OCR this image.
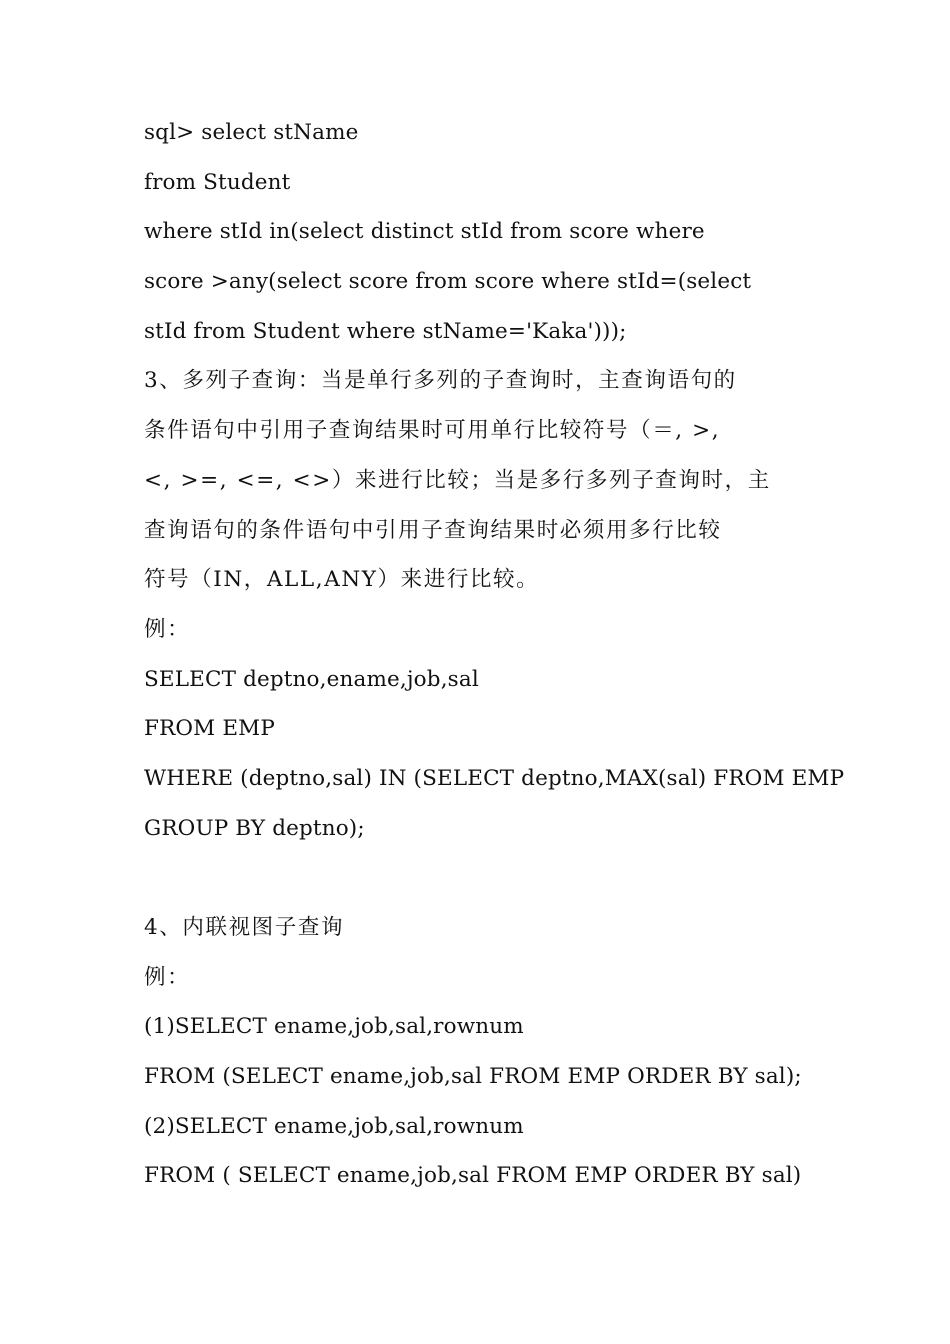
sql> select stName
from Student
where stId in(select distinct stId from score where
score >any(select score from score where stId=(select
stId from Student where stName='Kaka')));
3、多列子查询：当是单行多列的子查询时，主查询语句的
条件语句中引用子查询结果时可用单行比较符号（＝, >,
<, >=, <=, <>）来进行比较；当是多行多列子查询时，主
查询语句的条件语句中引用子查询结果时必须用多行比较
符号（IN，ALL,ANY）来进行比较。
例：
SELECT deptno,ename,job,sal
FROM EMP
WHERE (deptno,sal) IN (SELECT deptno,MAX(sal) FROM EMP
GROUP BY deptno);
4、内联视图子查询
例：
(1)SELECT ename,job,sal,rownum
FROM (SELECT ename,job,sal FROM EMP ORDER BY sal);
(2)SELECT ename,job,sal,rownum
FROM ( SELECT ename,job,sal FROM EMP ORDER BY sal)
